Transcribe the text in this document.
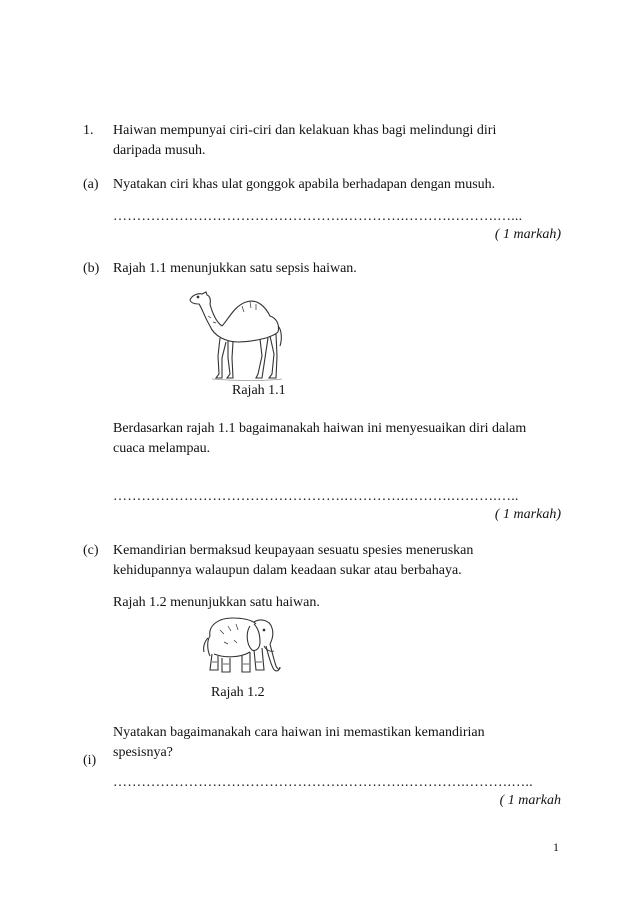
1. Haiwan mempunyai ciri-ciri dan kelakuan khas bagi melindungi diri
daripada musuh.
(a) Nyatakan ciri khas ulat gonggok apabila berhadapan dengan musuh.
………………………………………….………….……….……….…...
( 1 markah)
(b) Rajah 1.1 menunjukkan satu sepsis haiwan.
Rajah 1.1
Berdasarkan rajah 1.1 bagaimanakah haiwan ini menyesuaikan diri dalam
cuaca melampau.
………………………………………….………….……….……….…..
( 1 markah)
(c) Kemandirian bermaksud keupayaan sesuatu spesies meneruskan
kehidupannya walaupun dalam keadaan sukar atau berbahaya.
Rajah 1.2 menunjukkan satu haiwan.
Rajah 1.2
Nyatakan bagaimanakah cara haiwan ini memastikan kemandirian
spesisnya?
(i)
………………………………………….………….………….……….…..
( 1 markah
1
